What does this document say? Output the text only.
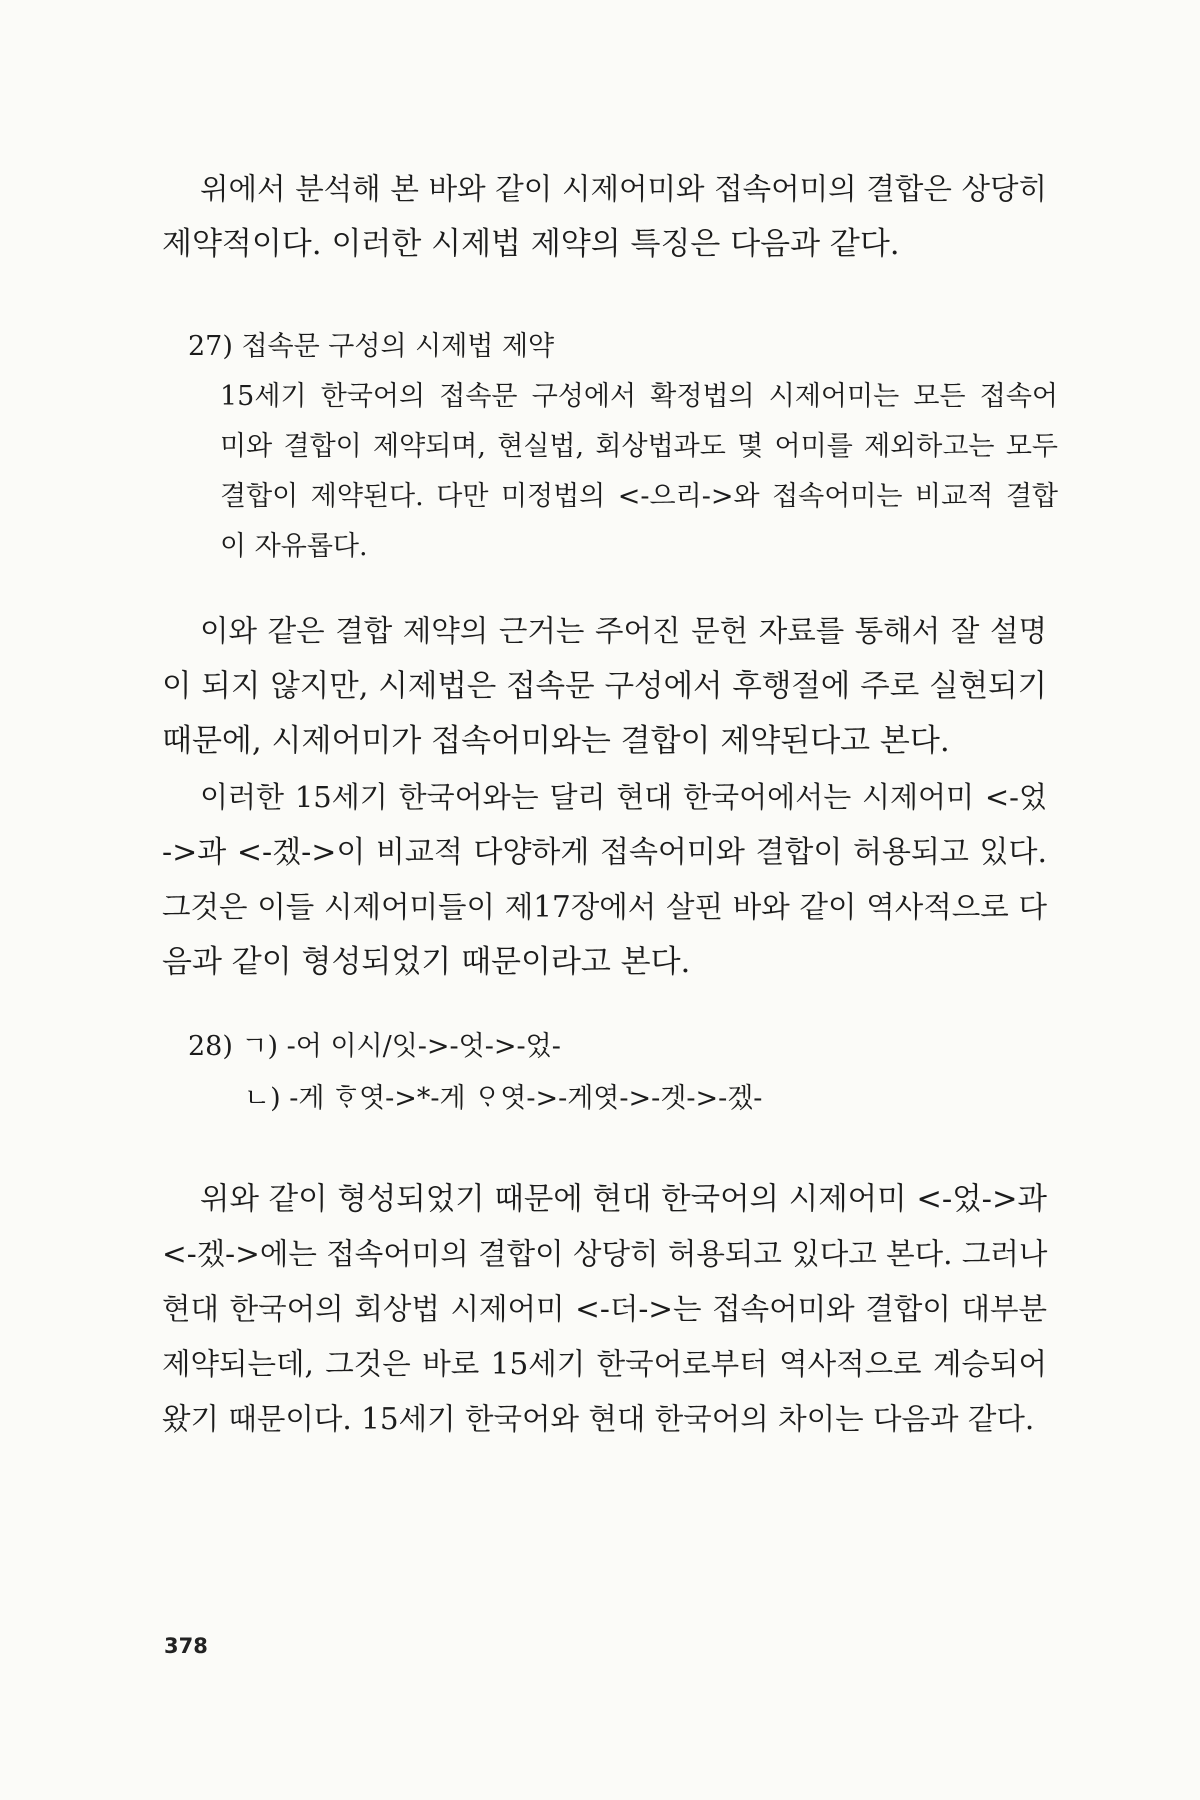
위에서 분석해 본 바와 같이 시제어미와 접속어미의 결합은 상당히
제약적이다. 이러한 시제법 제약의 특징은 다음과 같다.
27) 접속문 구성의 시제법 제약
15세기 한국어의 접속문 구성에서 확정법의 시제어미는 모든 접속어
미와 결합이 제약되며, 현실법, 회상법과도 몇 어미를 제외하고는 모두
결합이 제약된다. 다만 미정법의 <-으리->와 접속어미는 비교적 결합
이 자유롭다.
이와 같은 결합 제약의 근거는 주어진 문헌 자료를 통해서 잘 설명
이 되지 않지만, 시제법은 접속문 구성에서 후행절에 주로 실현되기
때문에, 시제어미가 접속어미와는 결합이 제약된다고 본다.
이러한 15세기 한국어와는 달리 현대 한국어에서는 시제어미 <-었
->과 <-겠->이 비교적 다양하게 접속어미와 결합이 허용되고 있다.
그것은 이들 시제어미들이 제17장에서 살핀 바와 같이 역사적으로 다
음과 같이 형성되었기 때문이라고 본다.
28) ㄱ) -어 이시/잇->-엇->-었-
ㄴ) -게 ᄒᆞ엿->*-게 ᄋᆞ엿->-게엿->-겟->-겠-
위와 같이 형성되었기 때문에 현대 한국어의 시제어미 <-었->과
<-겠->에는 접속어미의 결합이 상당히 허용되고 있다고 본다. 그러나
현대 한국어의 회상법 시제어미 <-더->는 접속어미와 결합이 대부분
제약되는데, 그것은 바로 15세기 한국어로부터 역사적으로 계승되어
왔기 때문이다. 15세기 한국어와 현대 한국어의 차이는 다음과 같다.
378
